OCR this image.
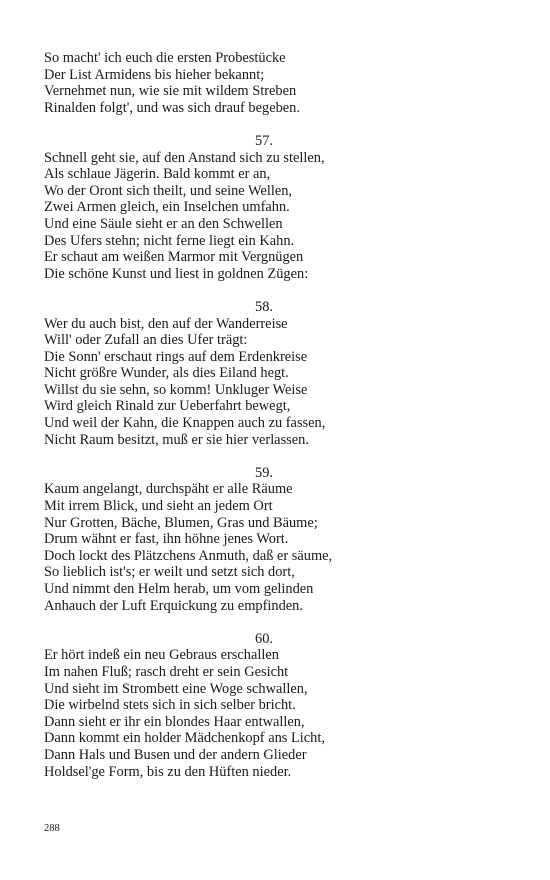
So macht' ich euch die ersten Probestücke
Der List Armidens bis hieher bekannt;
Vernehmet nun, wie sie mit wildem Streben
Rinalden folgt', und was sich drauf begeben.
57.
Schnell geht sie, auf den Anstand sich zu stellen,
Als schlaue Jägerin. Bald kommt er an,
Wo der Oront sich theilt, und seine Wellen,
Zwei Armen gleich, ein Inselchen umfahn.
Und eine Säule sieht er an den Schwellen
Des Ufers stehn; nicht ferne liegt ein Kahn.
Er schaut am weißen Marmor mit Vergnügen
Die schöne Kunst und liest in goldnen Zügen:
58.
Wer du auch bist, den auf der Wanderreise
Will' oder Zufall an dies Ufer trägt:
Die Sonn' erschaut rings auf dem Erdenkreise
Nicht größre Wunder, als dies Eiland hegt.
Willst du sie sehn, so komm! Unkluger Weise
Wird gleich Rinald zur Ueberfahrt bewegt,
Und weil der Kahn, die Knappen auch zu fassen,
Nicht Raum besitzt, muß er sie hier verlassen.
59.
Kaum angelangt, durchspäht er alle Räume
Mit irrem Blick, und sieht an jedem Ort
Nur Grotten, Bäche, Blumen, Gras und Bäume;
Drum wähnt er fast, ihn höhne jenes Wort.
Doch lockt des Plätzchens Anmuth, daß er säume,
So lieblich ist's; er weilt und setzt sich dort,
Und nimmt den Helm herab, um vom gelinden
Anhauch der Luft Erquickung zu empfinden.
60.
Er hört indeß ein neu Gebraus erschallen
Im nahen Fluß; rasch dreht er sein Gesicht
Und sieht im Strombett eine Woge schwallen,
Die wirbelnd stets sich in sich selber bricht.
Dann sieht er ihr ein blondes Haar entwallen,
Dann kommt ein holder Mädchenkopf ans Licht,
Dann Hals und Busen und der andern Glieder
Holdsel'ge Form, bis zu den Hüften nieder.
288
